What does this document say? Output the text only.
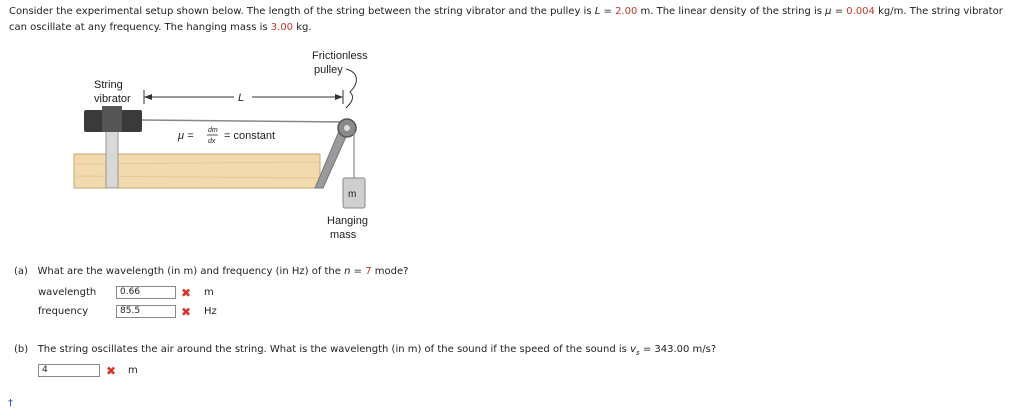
Consider the experimental setup shown below. The length of the string between the string vibrator and the pulley is L = 2.00 m. The linear density of the string is μ = 0.004 kg/m. The string vibrator can oscillate at any frequency. The hanging mass is 3.00 kg.
m
L
String
vibrator
Frictionless
pulley
μ = dm
dx = constant
Hanging
mass
(a) What are the wavelength (in m) and frequency (in Hz) of the n = 7 mode?
wavelength	0.66	✖ m
frequency	85.5	✖ Hz
(b) The string oscillates the air around the string. What is the wavelength (in m) of the sound if the speed of the sound is $v_s = 343.00$ m/s?
4	✖ m
†
